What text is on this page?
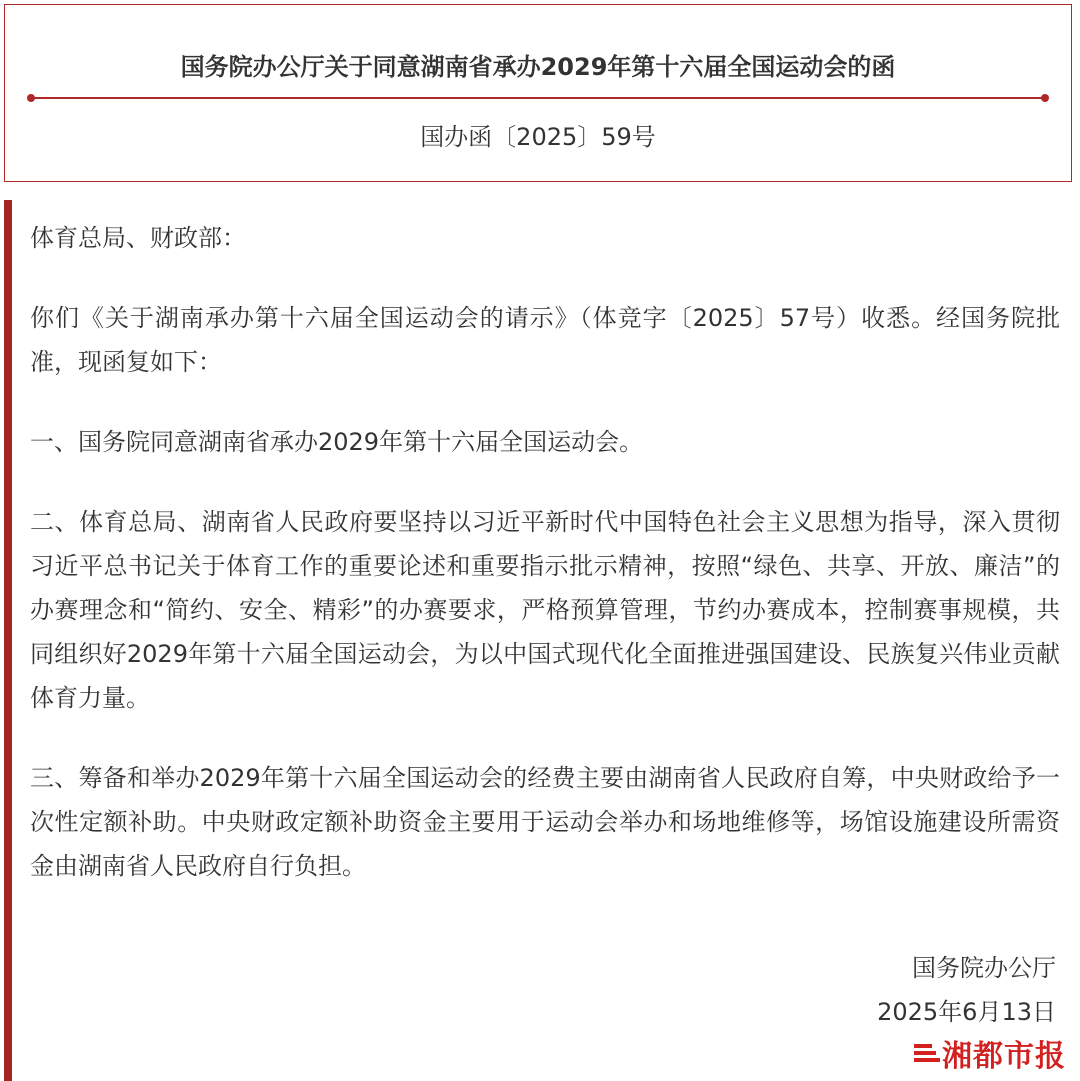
国务院办公厅关于同意湖南省承办2029年第十六届全国运动会的函
国办函〔2025〕59号

体育总局、财政部：

你们《关于湖南承办第十六届全国运动会的请示》（体竞字〔2025〕57号）收悉。经国务院批准，现函复如下：

一、国务院同意湖南省承办2029年第十六届全国运动会。

二、体育总局、湖南省人民政府要坚持以习近平新时代中国特色社会主义思想为指导，深入贯彻习近平总书记关于体育工作的重要论述和重要指示批示精神，按照“绿色、共享、开放、廉洁”的办赛理念和“简约、安全、精彩”的办赛要求，严格预算管理，节约办赛成本，控制赛事规模，共同组织好2029年第十六届全国运动会，为以中国式现代化全面推进强国建设、民族复兴伟业贡献体育力量。

三、筹备和举办2029年第十六届全国运动会的经费主要由湖南省人民政府自筹，中央财政给予一次性定额补助。中央财政定额补助资金主要用于运动会举办和场地维修等，场馆设施建设所需资金由湖南省人民政府自行负担。

国务院办公厅
2025年6月13日
湘都市报
